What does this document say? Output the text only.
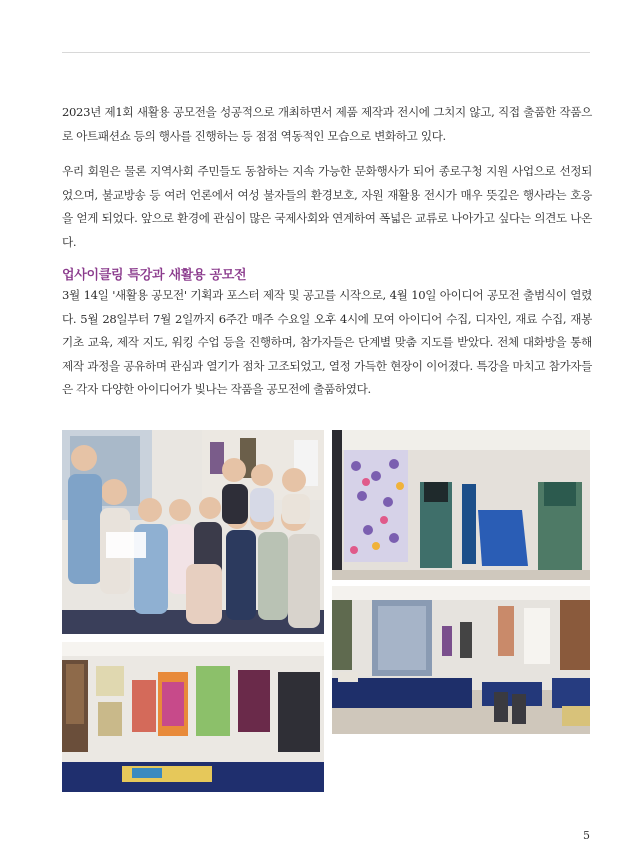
2023년 제1회 새활용 공모전을 성공적으로 개최하면서 제품 제작과 전시에 그치지 않고, 직접 출품한 작품으로 아트패션쇼 등의 행사를 진행하는 등 점점 역동적인 모습으로 변화하고 있다.

우리 회원은 물론 지역사회 주민들도 동참하는 지속 가능한 문화행사가 되어 종로구청 지원 사업으로 선정되었으며, 불교방송 등 여러 언론에서 여성 불자들의 환경보호, 자원 재활용 전시가 매우 뜻깊은 행사라는 호응을 얻게 되었다. 앞으로 환경에 관심이 많은 국제사회와 연계하여 폭넓은 교류로 나아가고 싶다는 의견도 나온다.

업사이클링 특강과 새활용 공모전

3월 14일 '새활용 공모전' 기획과 포스터 제작 및 공고를 시작으로, 4월 10일 아이디어 공모전 출범식이 열렸다. 5월 28일부터 7월 2일까지 6주간 매주 수요일 오후 4시에 모여 아이디어 수집, 디자인, 재료 수집, 재봉 기초 교육, 제작 지도, 워킹 수업 등을 진행하며, 참가자들은 단계별 맞춤 지도를 받았다. 전체 대화방을 통해 제작 과정을 공유하며 관심과 열기가 점차 고조되었고, 열정 가득한 현장이 이어졌다. 특강을 마치고 참가자들은 각자 다양한 아이디어가 빛나는 작품을 공모전에 출품하였다.

5
